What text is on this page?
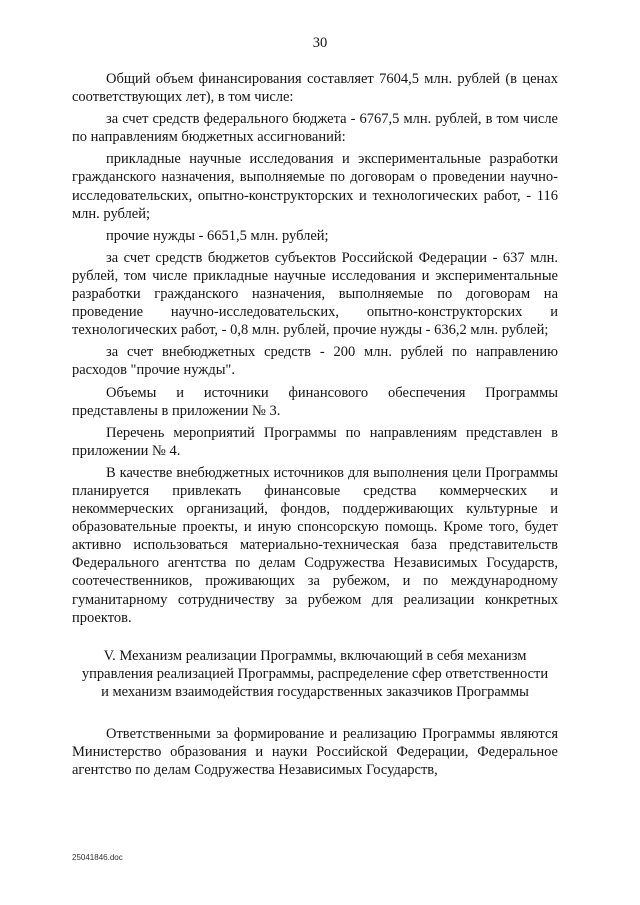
30

Общий объем финансирования составляет 7604,5 млн. рублей (в ценах соответствующих лет), в том числе:

за счет средств федерального бюджета - 6767,5 млн. рублей, в том числе по направлениям бюджетных ассигнований:

прикладные научные исследования и экспериментальные разработки гражданского назначения, выполняемые по договорам о проведении научно-исследовательских, опытно-конструкторских и технологических работ, - 116 млн. рублей;

прочие нужды - 6651,5 млн. рублей;

за счет средств бюджетов субъектов Российской Федерации - 637 млн. рублей, том числе прикладные научные исследования и экспериментальные разработки гражданского назначения, выполняемые по договорам на проведение научно-исследовательских, опытно-конструкторских и технологических работ, - 0,8 млн. рублей, прочие нужды - 636,2 млн. рублей;

за счет внебюджетных средств - 200 млн. рублей по направлению расходов "прочие нужды".

Объемы и источники финансового обеспечения Программы представлены в приложении № 3.

Перечень мероприятий Программы по направлениям представлен в приложении № 4.

В качестве внебюджетных источников для выполнения цели Программы планируется привлекать финансовые средства коммерческих и некоммерческих организаций, фондов, поддерживающих культурные и образовательные проекты, и иную спонсорскую помощь. Кроме того, будет активно использоваться материально-техническая база представительств Федерального агентства по делам Содружества Независимых Государств, соотечественников, проживающих за рубежом, и по международному гуманитарному сотрудничеству за рубежом для реализации конкретных проектов.

V. Механизм реализации Программы, включающий в себя механизм
управления реализацией Программы, распределение сфер ответственности
и механизм взаимодействия государственных заказчиков Программы

Ответственными за формирование и реализацию Программы являются Министерство образования и науки Российской Федерации, Федеральное агентство по делам Содружества Независимых Государств,

25041846.doc
